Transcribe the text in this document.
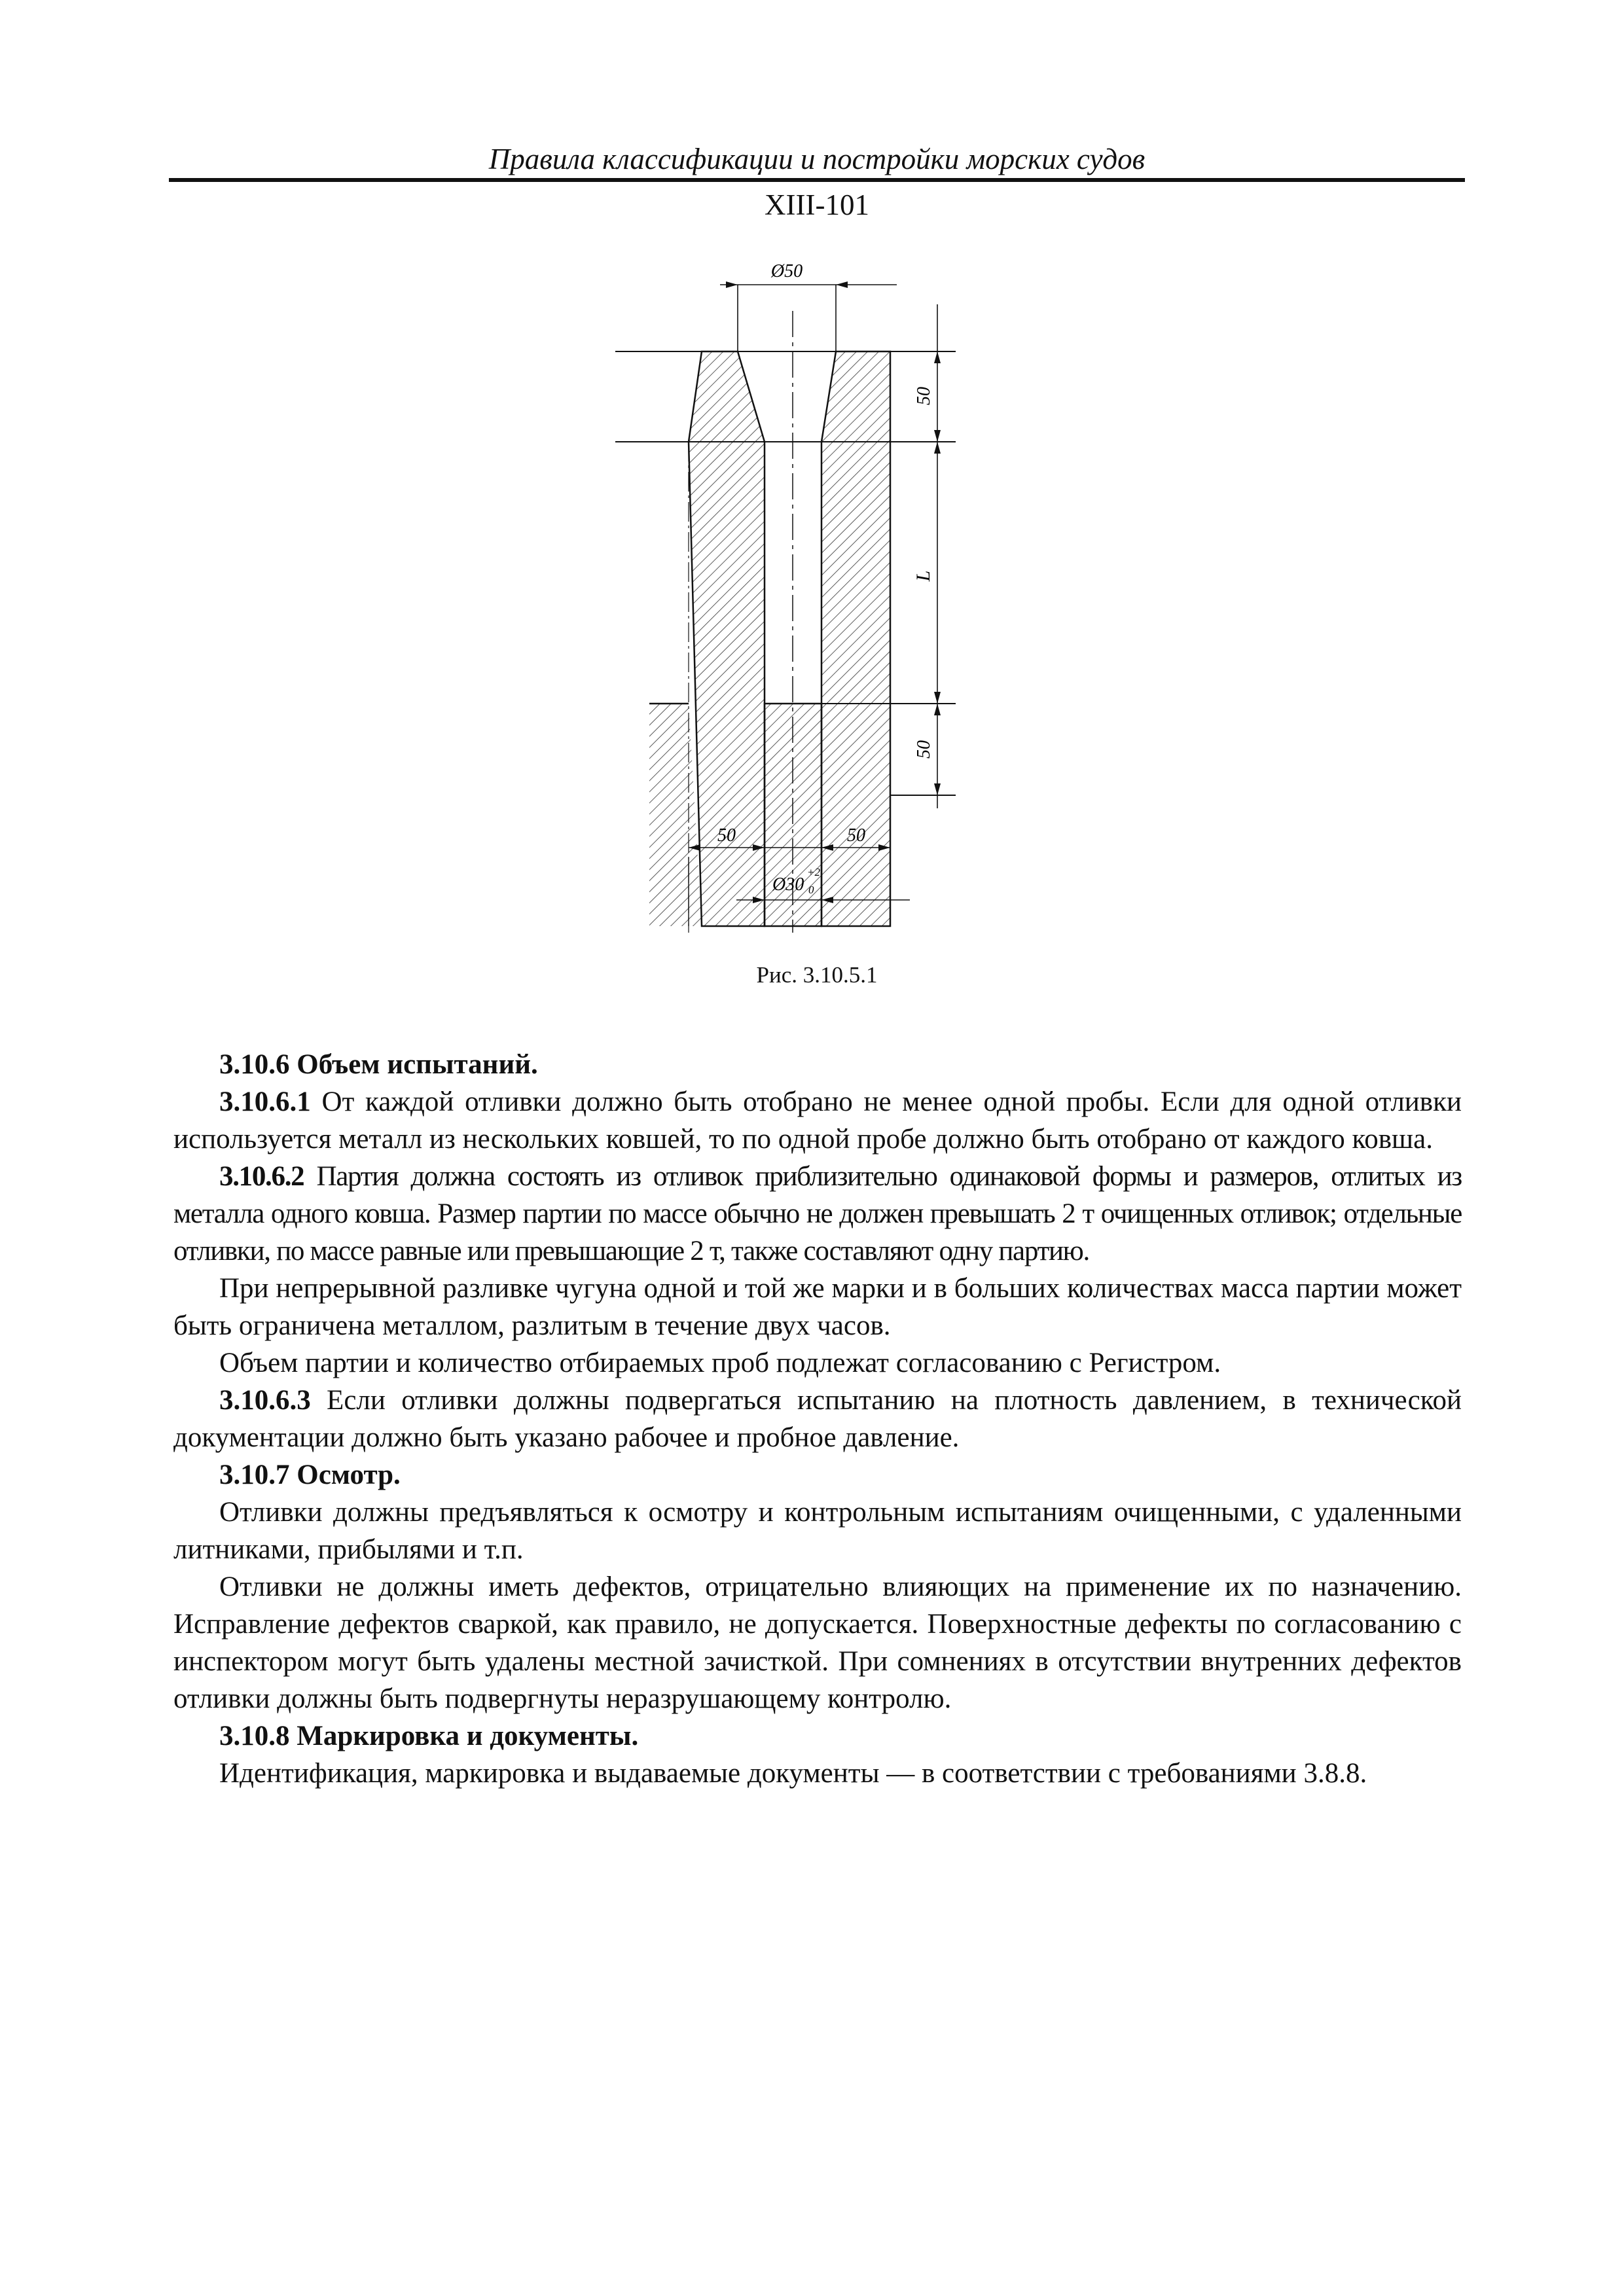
Правила классификации и постройки морских судов
XIII-101
50
L
50
Ø50
50	50
Ø30
+2
0
Рис. 3.10.5.1

3.10.6 Объем испытаний.

3.10.6.1 От каждой отливки должно быть отобрано не менее одной пробы. Если для одной отливки используется металл из нескольких ковшей, то по одной пробе должно быть отобрано от каждого ковша.

3.10.6.2 Партия должна состоять из отливок приблизительно одинаковой формы и размеров, отлитых из металла одного ковша. Размер партии по массе обычно не должен превышать 2 т очищенных отливок; отдельные отливки, по массе равные или превышающие 2 т, также составляют одну партию.

При непрерывной разливке чугуна одной и той же марки и в больших количествах масса партии может быть ограничена металлом, разлитым в течение двух часов.

Объем партии и количество отбираемых проб подлежат согласованию с Регистром.

3.10.6.3 Если отливки должны подвергаться испытанию на плотность давлением, в технической документации должно быть указано рабочее и пробное давление.

3.10.7 Осмотр.

Отливки должны предъявляться к осмотру и контрольным испытаниям очищенными, с удаленными литниками, прибылями и т.п.

Отливки не должны иметь дефектов, отрицательно влияющих на применение их по назначению. Исправление дефектов сваркой, как правило, не допускается. Поверхностные дефекты по согласованию с инспектором могут быть удалены местной зачисткой. При сомнениях в отсутствии внутренних дефектов отливки должны быть подвергнуты неразрушающему контролю.

3.10.8 Маркировка и документы.

Идентификация, маркировка и выдаваемые документы — в соответствии с требованиями 3.8.8.
